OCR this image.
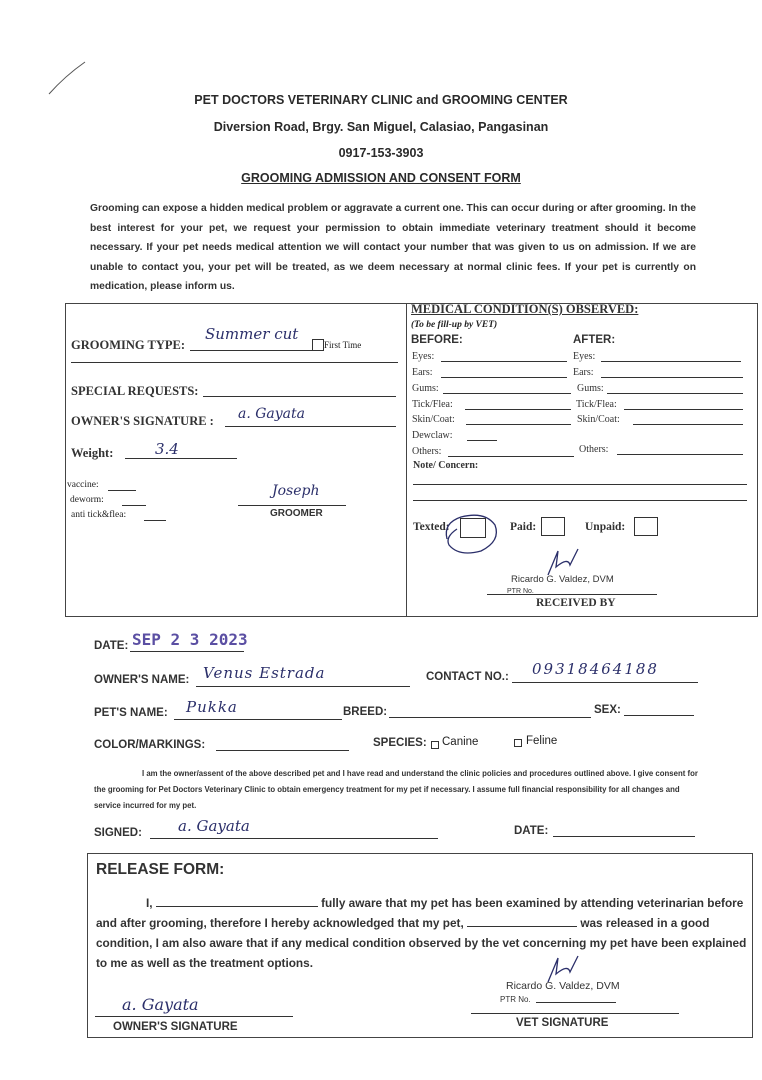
PET DOCTORS VETERINARY CLINIC and GROOMING CENTER
Diversion Road, Brgy. San Miguel, Calasiao, Pangasinan
0917-153-3903
GROOMING ADMISSION AND CONSENT FORM
Grooming can expose a hidden medical problem or aggravate a current one. This can occur during or after grooming. In the best interest for your pet, we request your permission to obtain immediate veterinary treatment should it become necessary. If your pet needs medical attention we will contact your number that was given to us on admission. If we are unable to contact you, your pet will be treated, as we deem necessary at normal clinic fees. If your pet is currently on medication, please inform us.
GROOMING TYPE:
Summer cut
First Time
SPECIAL REQUESTS:
OWNER'S SIGNATURE : a. Gayata
Weight:	3.4
vaccine:
deworm:
anti tick&flea:
Joseph
GROOMER
MEDICAL CONDITION(S) OBSERVED:
(To be fill-up by VET)
BEFORE:	AFTER:
Eyes:	Eyes:
Ears:	Ears:
Gums:	Gums:
Tick/Flea:	Tick/Flea:
Skin/Coat:	Skin/Coat:
Dewclaw:
Others:	Others:
Note/ Concern:
Texted:	Paid:	Unpaid:
Ricardo G. Valdez, DVM
PTR No.
RECEIVED BY
DATE: SEP 2 3 2023
OWNER'S NAME: Venus Estrada	CONTACT NO.: 09318464188
PET'S NAME: Pukka	BREED:	SEX:
COLOR/MARKINGS:	SPECIES: Canine	Feline
I am the owner/assent of the above described pet and I have read and understand the clinic policies and procedures outlined above. I give consent for the grooming for Pet Doctors Veterinary Clinic to obtain emergency treatment for my pet if necessary. I assume full financial responsibility for all changes and service incurred for my pet.
SIGNED: a. Gayata	DATE:
RELEASE FORM:
I,	fully aware that my pet has been examined by attending veterinarian before and after grooming, therefore I hereby acknowledged that my pet,	was released in a good condition, I am also aware that if any medical condition observed by the vet concerning my pet have been explained to me as well as the treatment options.
a. Gayata
OWNER'S SIGNATURE
Ricardo G. Valdez, DVM
PTR No.
VET SIGNATURE
